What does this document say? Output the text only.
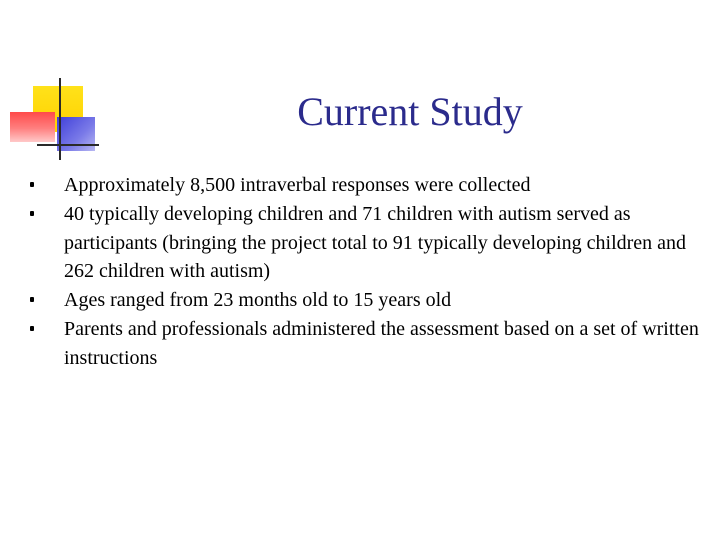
Current Study
Approximately 8,500 intraverbal responses were collected
40 typically developing children and 71 children with autism served as participants (bringing the project total to 91 typically developing children and 262 children with autism)
Ages ranged from 23 months old to 15 years old
Parents and professionals administered the assessment based on a set of written instructions
